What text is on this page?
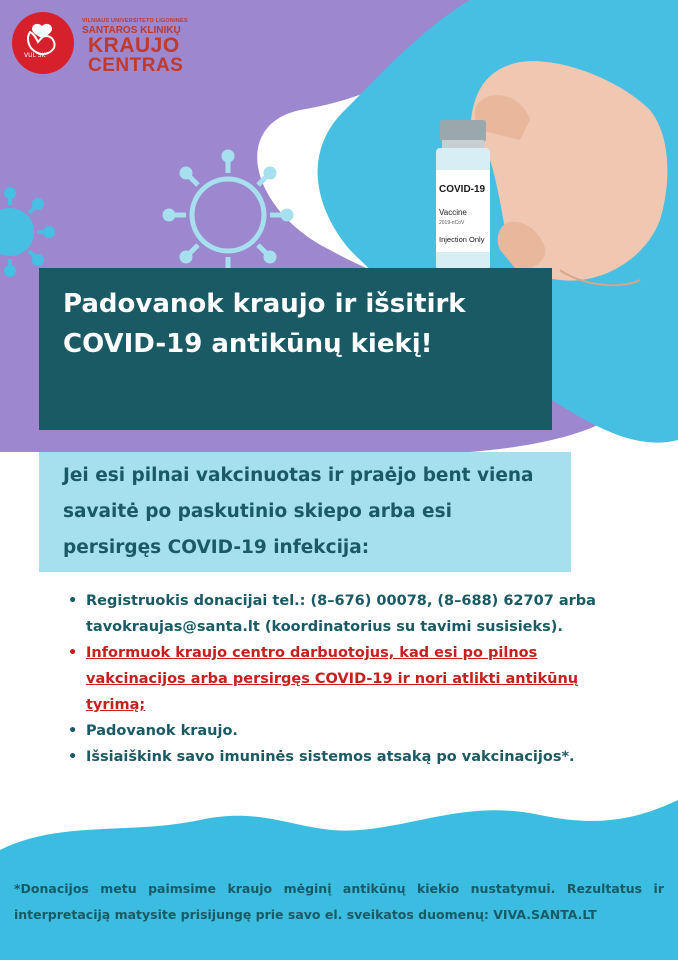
COVID-19
Vaccine
2019-nCoV
Injection Only
VUL SK
VILNIAUS UNIVERSITETO LIGONINĖS
SANTAROS KLINIKŲ
KRAUJO
CENTRAS
Padovanok kraujo ir išsitirk COVID-19 antikūnų kiekį!

Jei esi pilnai vakcinuotas ir praėjo bent viena savaitė po paskutinio skiepo arba esi persirgęs COVID-19 infekcija:

• Registruokis donacijai tel.: (8–676) 00078, (8–688) 62707 arba tavokraujas@santa.lt (koordinatorius su tavimi susisieks).
• Informuok kraujo centro darbuotojus, kad esi po pilnos vakcinacijos arba persirgęs COVID-19 ir nori atlikti antikūnų tyrimą;
• Padovanok kraujo.
• Išsiaiškink savo imuninės sistemos atsaką po vakcinacijos*.

*Donacijos metu paimsime kraujo mėginį antikūnų kiekio nustatymui. Rezultatus ir interpretaciją matysite prisijungę prie savo el. sveikatos duomenų: VIVA.SANTA.LT
